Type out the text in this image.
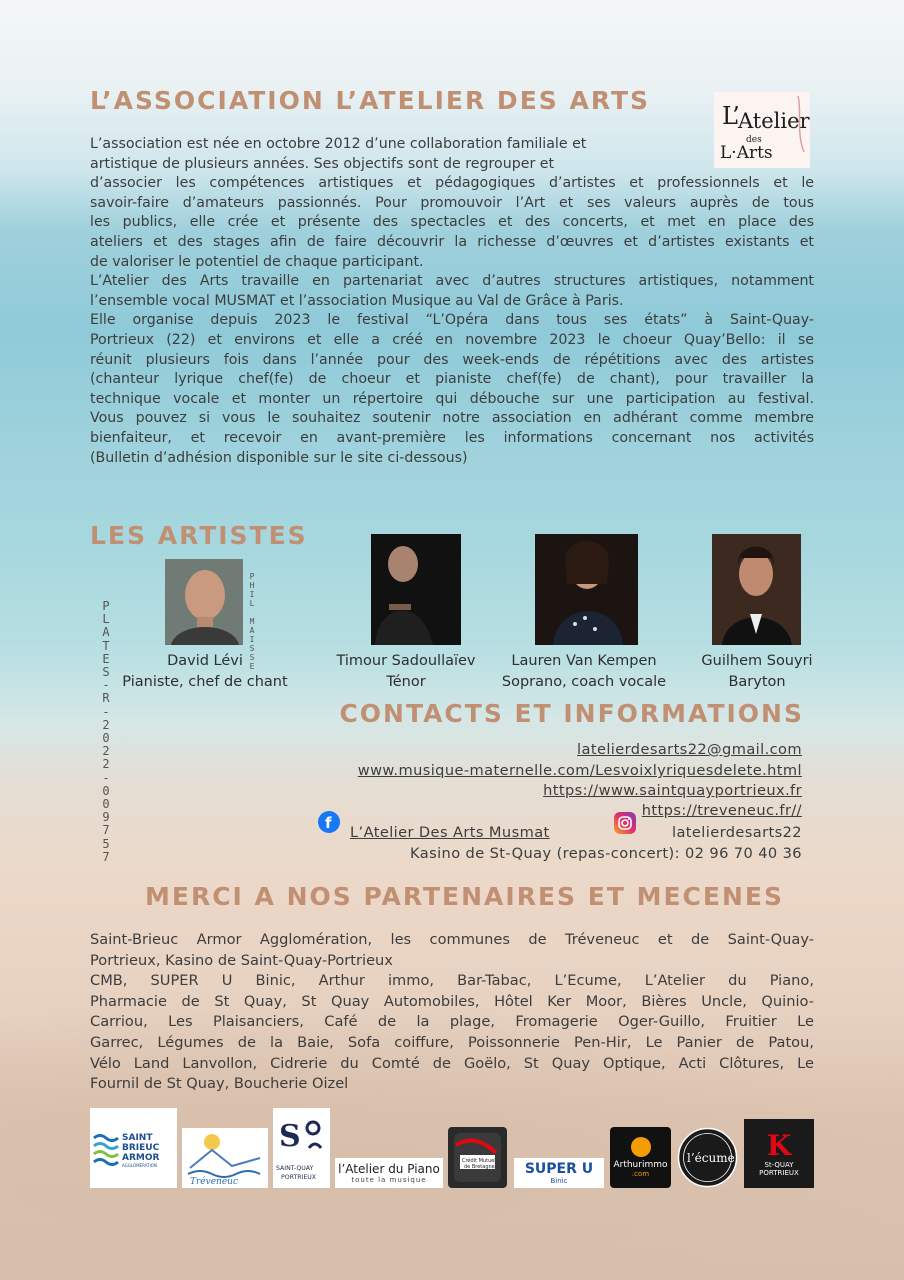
L’ASSOCIATION L’ATELIER DES ARTS
L’
Atelier
des
L·Arts
L’association est née en octobre 2012 d’une collaboration familiale et
artistique de plusieurs années. Ses objectifs sont de regrouper et
d’associer les compétences artistiques et pédagogiques d’artistes et professionnels et le
savoir-faire d’amateurs passionnés. Pour promouvoir l’Art et ses valeurs auprès de tous
les publics, elle crée et présente des spectacles et des concerts, et met en place des
ateliers et des stages afin de faire découvrir la richesse d’œuvres et d’artistes existants et
de valoriser le potentiel de chaque participant.
L’Atelier des Arts travaille en partenariat avec d’autres structures artistiques, notamment
l’ensemble vocal MUSMAT et l’association Musique au Val de Grâce à Paris.
Elle organise depuis 2023 le festival “L’Opéra dans tous ses états” à Saint-Quay-
Portrieux (22) et environs et elle a créé en novembre 2023 le choeur Quay’Bello: il se
réunit plusieurs fois dans l’année pour des week-ends de répétitions avec des artistes
(chanteur lyrique chef(fe) de choeur et pianiste chef(fe) de chant), pour travailler la
technique vocale et monter un répertoire qui débouche sur une participation au festival.
Vous pouvez si vous le souhaitez soutenir notre association en adhérant comme membre
bienfaiteur, et recevoir en avant-première les informations concernant nos activités
(Bulletin d’adhésion disponible sur le site ci-dessous)
LES ARTISTES
P
L
A
T
E
S
-
R
-
2
0
2
2
-
0
0
9
7
5
7
P
H
I
L

M
A
I
S
S
E
David Lévi
Pianiste, chef de chant
Timour Sadoullaïev
Ténor
Lauren Van Kempen
Soprano, coach vocale
Guilhem Souyri
Baryton
CONTACTS ET INFORMATIONS
latelierdesarts22@gmail.com
www.musique-maternelle.com/Lesvoixlyriquesdelete.html
https://www.saintquayportrieux.fr
https://treveneuc.fr//
f
L’Atelier Des Arts Musmat	latelierdesarts22
Kasino de St-Quay (repas-concert): 02 96 70 40 36
MERCI A NOS PARTENAIRES ET MECENES
Saint-Brieuc Armor Agglomération, les communes de Tréveneuc et de Saint-Quay-
Portrieux, Kasino de Saint-Quay-Portrieux
CMB, SUPER U Binic, Arthur immo, Bar-Tabac, L’Ecume, L’Atelier du Piano,
Pharmacie de St Quay, St Quay Automobiles, Hôtel Ker Moor, Bières Uncle, Quinio-
Carriou, Les Plaisanciers, Café de la plage, Fromagerie Oger-Guillo, Fruitier Le
Garrec, Légumes de la Baie, Sofa coiffure, Poissonnerie Pen-Hir, Le Panier de Patou,
Vélo Land Lanvollon, Cidrerie du Comté de Goëlo, St Quay Optique, Acti Clôtures, Le
Fournil de St Quay, Boucherie Oizel
SAINT
BRIEUC
ARMOR
AGGLOMÉRATION
Tréveneuc
S
SAINT-QUAY
PORTRIEUX
l’Atelier du Piano
toute la musique
Crédit Mutuel
de Bretagne SUPER U
Binic
Arthurimmo
.com
l’écume K
St-QUAY
PORTRIEUX
